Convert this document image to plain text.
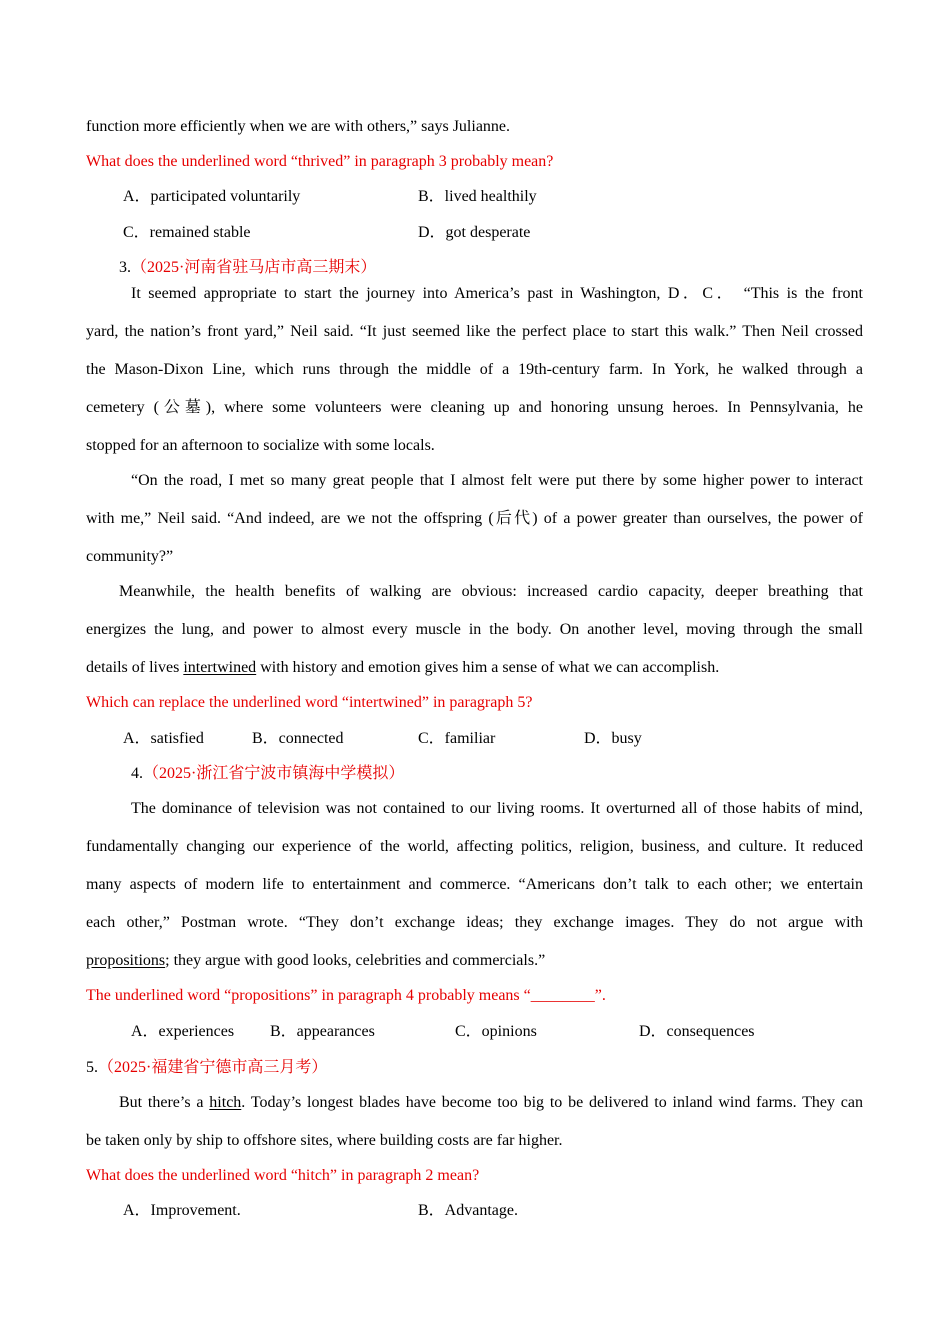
function more efficiently when we are with others,” says Julianne.
What does the underlined word “thrived” in paragraph 3 probably mean?
A．participated voluntarily	B．lived healthily
C．remained stable	D．got desperate
3.（2025·河南省驻马店市高三期末）
It seemed appropriate to start the journey into America’s past in Washington, D．C． “This is the front
yard, the nation’s front yard,” Neil said. “It just seemed like the perfect place to start this walk.” Then Neil crossed
the Mason-Dixon Line, which runs through the middle of a 19th-century farm. In York, he walked through a
cemetery (公墓), where some volunteers were cleaning up and honoring unsung heroes. In Pennsylvania, he
stopped for an afternoon to socialize with some locals.
“On the road, I met so many great people that I almost felt were put there by some higher power to interact
with me,” Neil said. “And indeed, are we not the offspring (后代) of a power greater than ourselves, the power of
community?”
Meanwhile, the health benefits of walking are obvious: increased cardio capacity, deeper breathing that
energizes the lung, and power to almost every muscle in the body. On another level, moving through the small
details of lives intertwined with history and emotion gives him a sense of what we can accomplish.
Which can replace the underlined word “intertwined” in paragraph 5?
A．satisfied	B．connected	C．familiar	D．busy
4.（2025·浙江省宁波市镇海中学模拟）
The dominance of television was not contained to our living rooms. It overturned all of those habits of mind,
fundamentally changing our experience of the world, affecting politics, religion, business, and culture. It reduced
many aspects of modern life to entertainment and commerce. “Americans don’t talk to each other; we entertain
each other,” Postman wrote. “They don’t exchange ideas; they exchange images. They do not argue with
propositions; they argue with good looks, celebrities and commercials.”
The underlined word “propositions” in paragraph 4 probably means “________”.
A．experiences B．appearances	C．opinions	D．consequences
5.（2025·福建省宁德市高三月考）
But there’s a hitch. Today’s longest blades have become too big to be delivered to inland wind farms. They can
be taken only by ship to offshore sites, where building costs are far higher.
What does the underlined word “hitch” in paragraph 2 mean?
A．Improvement.	B．Advantage.
